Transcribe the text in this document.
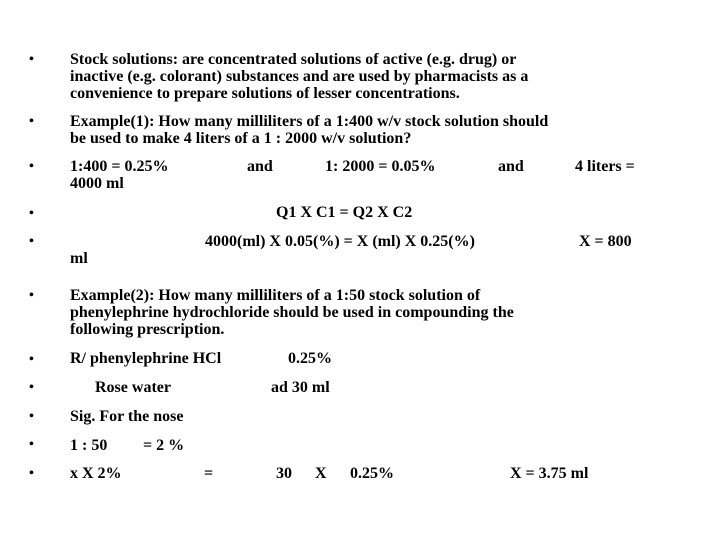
• Stock solutions: are concentrated solutions of active (e.g. drug) or
inactive (e.g. colorant) substances and are used by pharmacists as a
convenience to prepare solutions of lesser concentrations.
• Example(1): How many milliliters of a 1:400 w/v stock solution should
be used to make 4 liters of a 1 : 2000 w/v solution?
• 1:400 = 0.25%	and	1: 2000 = 0.05%	and	4 liters =
4000 ml
•	Q1 X C1 = Q2 X C2
•	4000(ml) X 0.05(%) = X (ml) X 0.25(%)	X = 800
ml
• Example(2): How many milliliters of a 1:50 stock solution of
phenylephrine hydrochloride should be used in compounding the
following prescription.
• R/ phenylephrine HCl	0.25%
•	Rose water	ad 30 ml
• Sig. For the nose
• 1 : 50 = 2 %
• x X 2%	=	30 X 0.25%	X = 3.75 ml
